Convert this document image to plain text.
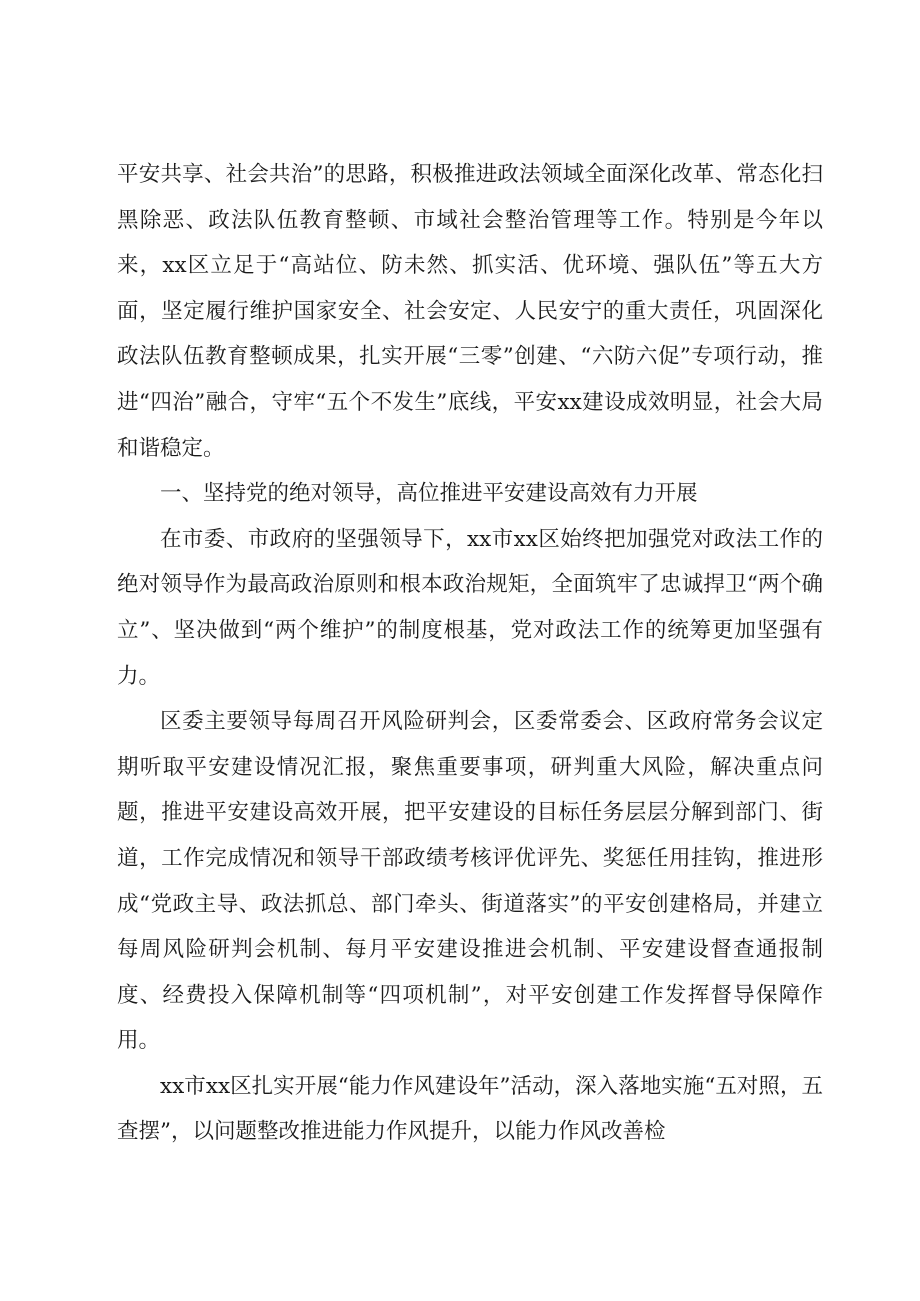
平安共享、社会共治”的思路，积极推进政法领域全面深化改革、常态化扫黑除恶、政法队伍教育整顿、市域社会整治管理等工作。特别是今年以来，xx区立足于“高站位、防未然、抓实活、优环境、强队伍”等五大方面，坚定履行维护国家安全、社会安定、人民安宁的重大责任，巩固深化政法队伍教育整顿成果，扎实开展“三零”创建、“六防六促”专项行动，推进“四治”融合，守牢“五个不发生”底线，平安xx建设成效明显，社会大局和谐稳定。

一、坚持党的绝对领导，高位推进平安建设高效有力开展

在市委、市政府的坚强领导下，xx市xx区始终把加强党对政法工作的绝对领导作为最高政治原则和根本政治规矩，全面筑牢了忠诚捍卫“两个确立”、坚决做到“两个维护”的制度根基，党对政法工作的统筹更加坚强有力。

区委主要领导每周召开风险研判会，区委常委会、区政府常务会议定期听取平安建设情况汇报，聚焦重要事项，研判重大风险，解决重点问题，推进平安建设高效开展，把平安建设的目标任务层层分解到部门、街道，工作完成情况和领导干部政绩考核评优评先、奖惩任用挂钩，推进形成“党政主导、政法抓总、部门牵头、街道落实”的平安创建格局，并建立每周风险研判会机制、每月平安建设推进会机制、平安建设督查通报制度、经费投入保障机制等“四项机制”，对平安创建工作发挥督导保障作用。

xx市xx区扎实开展“能力作风建设年”活动，深入落地实施“五对照，五查摆”，以问题整改推进能力作风提升，以能力作风改善检
